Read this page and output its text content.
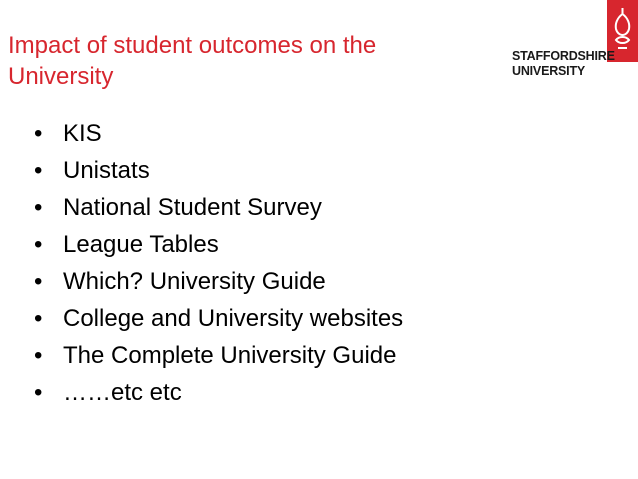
Impact of student outcomes on the University
STAFFORDSHIRE
UNIVERSITY
• KIS
• Unistats
• National Student Survey
• League Tables
• Which? University Guide
• College and University websites
• The Complete University Guide
• ……etc etc
